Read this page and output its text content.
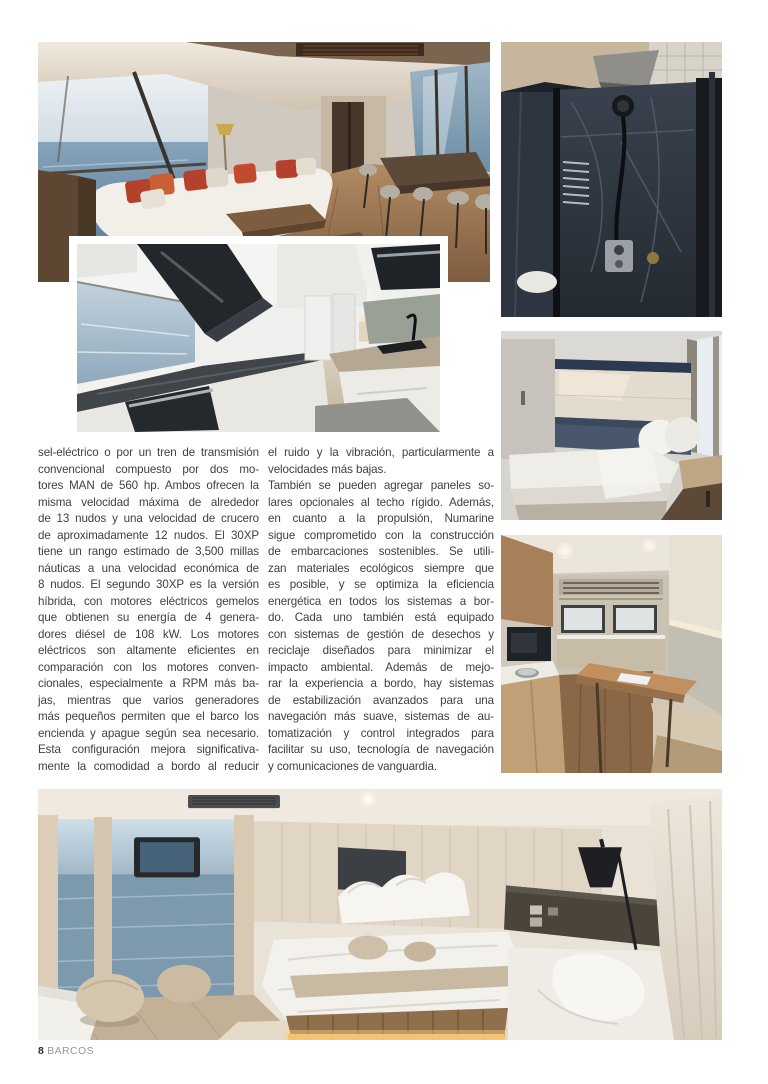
sel-eléctrico o por un tren de transmisión
convencional compuesto por dos mo-
tores MAN de 560 hp. Ambos ofrecen la
misma velocidad máxima de alrededor
de 13 nudos y una velocidad de crucero
de aproximadamente 12 nudos. El 30XP
tiene un rango estimado de 3,500 millas
náuticas a una velocidad económica de
8 nudos. El segundo 30XP es la versión
híbrida, con motores eléctricos gemelos
que obtienen su energía de 4 genera-
dores diésel de 108 kW. Los motores
eléctricos son altamente eficientes en
comparación con los motores conven-
cionales, especialmente a RPM más ba-
jas, mientras que varios generadores
más pequeños permiten que el barco los
encienda y apague según sea necesario.
Esta configuración mejora significativa-
mente la comodidad a bordo al reducir
el ruido y la vibración, particularmente a
velocidades más bajas.
También se pueden agregar paneles so-
lares opcionales al techo rígido. Además,
en cuanto a la propulsión, Numarine
sigue comprometido con la construcción
de embarcaciones sostenibles. Se utili-
zan materiales ecológicos siempre que
es posible, y se optimiza la eficiencia
energética en todos los sistemas a bor-
do. Cada uno también está equipado
con sistemas de gestión de desechos y
reciclaje diseñados para minimizar el
impacto ambiental. Además de mejo-
rar la experiencia a bordo, hay sistemas
de estabilización avanzados para una
navegación más suave, sistemas de au-
tomatización y control integrados para
facilitar su uso, tecnología de navegación
y comunicaciones de vanguardia.
8 BARCOS
